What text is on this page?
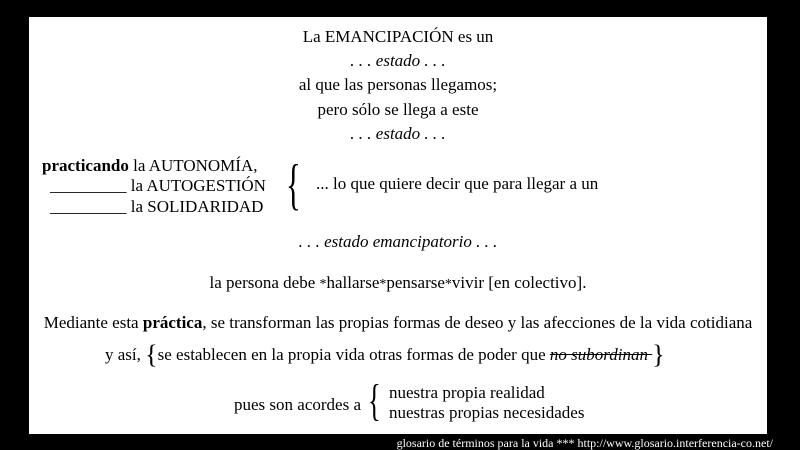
La EMANCIPACIÓN es un
. . . estado . . .
al que las personas llegamos;
pero sólo se llega a este
. . . estado . . .
practicando la AUTONOMÍA,
_________ la AUTOGESTIÓN
_________ la SOLIDARIDAD { ... lo que quiere decir que para llegar a un
. . . estado emancipatorio . . .
la persona debe *hallarse*pensarse*vivir [en colectivo].
Mediante esta práctica, se transforman las propias formas de deseo y las afecciones de la vida cotidiana
y así, {se establecen en la propia vida otras formas de poder que no subordinan }
pues son acordes a { nuestra propia realidad
nuestras propias necesidades
glosario de términos para la vida *** http://www.glosario.interferencia-co.net/
